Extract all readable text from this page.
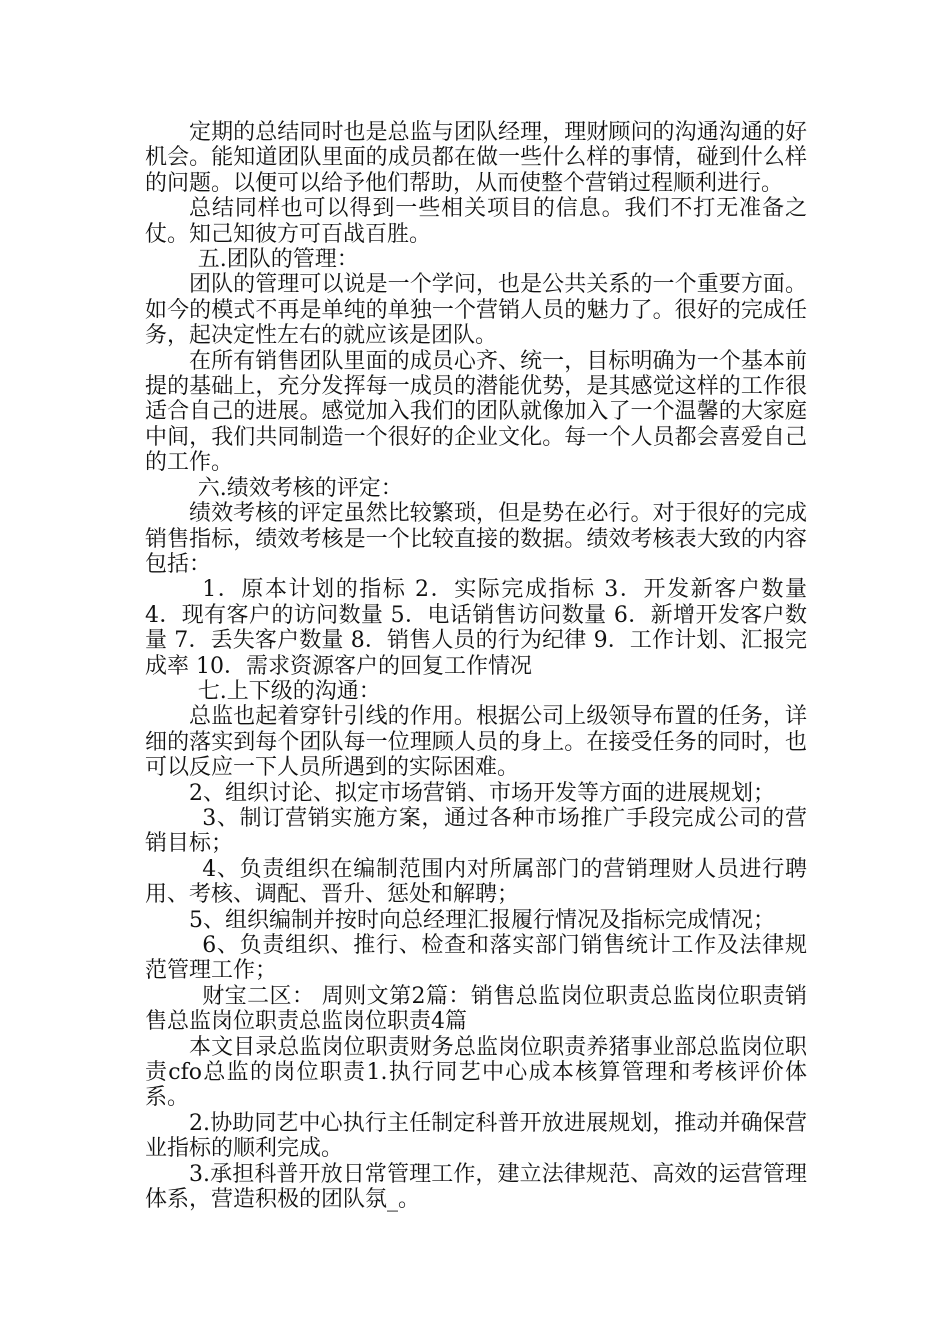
定期的总结同时也是总监与团队经理，理财顾问的沟通沟通的好机会。能知道团队里面的成员都在做一些什么样的事情，碰到什么样的问题。以便可以给予他们帮助，从而使整个营销过程顺利进行。

总结同样也可以得到一些相关项目的信息。我们不打无准备之仗。知己知彼方可百战百胜。

五.团队的管理：

团队的管理可以说是一个学问，也是公共关系的一个重要方面。如今的模式不再是单纯的单独一个营销人员的魅力了。很好的完成任务，起决定性左右的就应该是团队。

在所有销售团队里面的成员心齐、统一，目标明确为一个基本前提的基础上，充分发挥每一成员的潜能优势，是其感觉这样的工作很适合自己的进展。感觉加入我们的团队就像加入了一个温馨的大家庭中间，我们共同制造一个很好的企业文化。每一个人员都会喜爱自己的工作。

六.绩效考核的评定：

绩效考核的评定虽然比较繁琐，但是势在必行。对于很好的完成销售指标，绩效考核是一个比较直接的数据。绩效考核表大致的内容包括：

1．原本计划的指标 2．实际完成指标 3．开发新客户数量 4．现有客户的访问数量 5．电话销售访问数量 6．新增开发客户数量 7．丢失客户数量 8．销售人员的行为纪律 9．工作计划、汇报完成率 10．需求资源客户的回复工作情况

七.上下级的沟通：

总监也起着穿针引线的作用。根据公司上级领导布置的任务，详细的落实到每个团队每一位理顾人员的身上。在接受任务的同时，也可以反应一下人员所遇到的实际困难。

2、组织讨论、拟定市场营销、市场开发等方面的进展规划；

3、制订营销实施方案，通过各种市场推广手段完成公司的营销目标；

4、负责组织在编制范围内对所属部门的营销理财人员进行聘用、考核、调配、晋升、惩处和解聘；

5、组织编制并按时向总经理汇报履行情况及指标完成情况；

6、负责组织、推行、检查和落实部门销售统计工作及法律规范管理工作；

财宝二区： 周则文第2篇：销售总监岗位职责总监岗位职责销售总监岗位职责总监岗位职责4篇

本文目录总监岗位职责财务总监岗位职责养猪事业部总监岗位职责cfo总监的岗位职责1.执行同艺中心成本核算管理和考核评价体系。

2.协助同艺中心执行主任制定科普开放进展规划，推动并确保营业指标的顺利完成。

3.承担科普开放日常管理工作，建立法律规范、高效的运营管理体系，营造积极的团队氛_。
